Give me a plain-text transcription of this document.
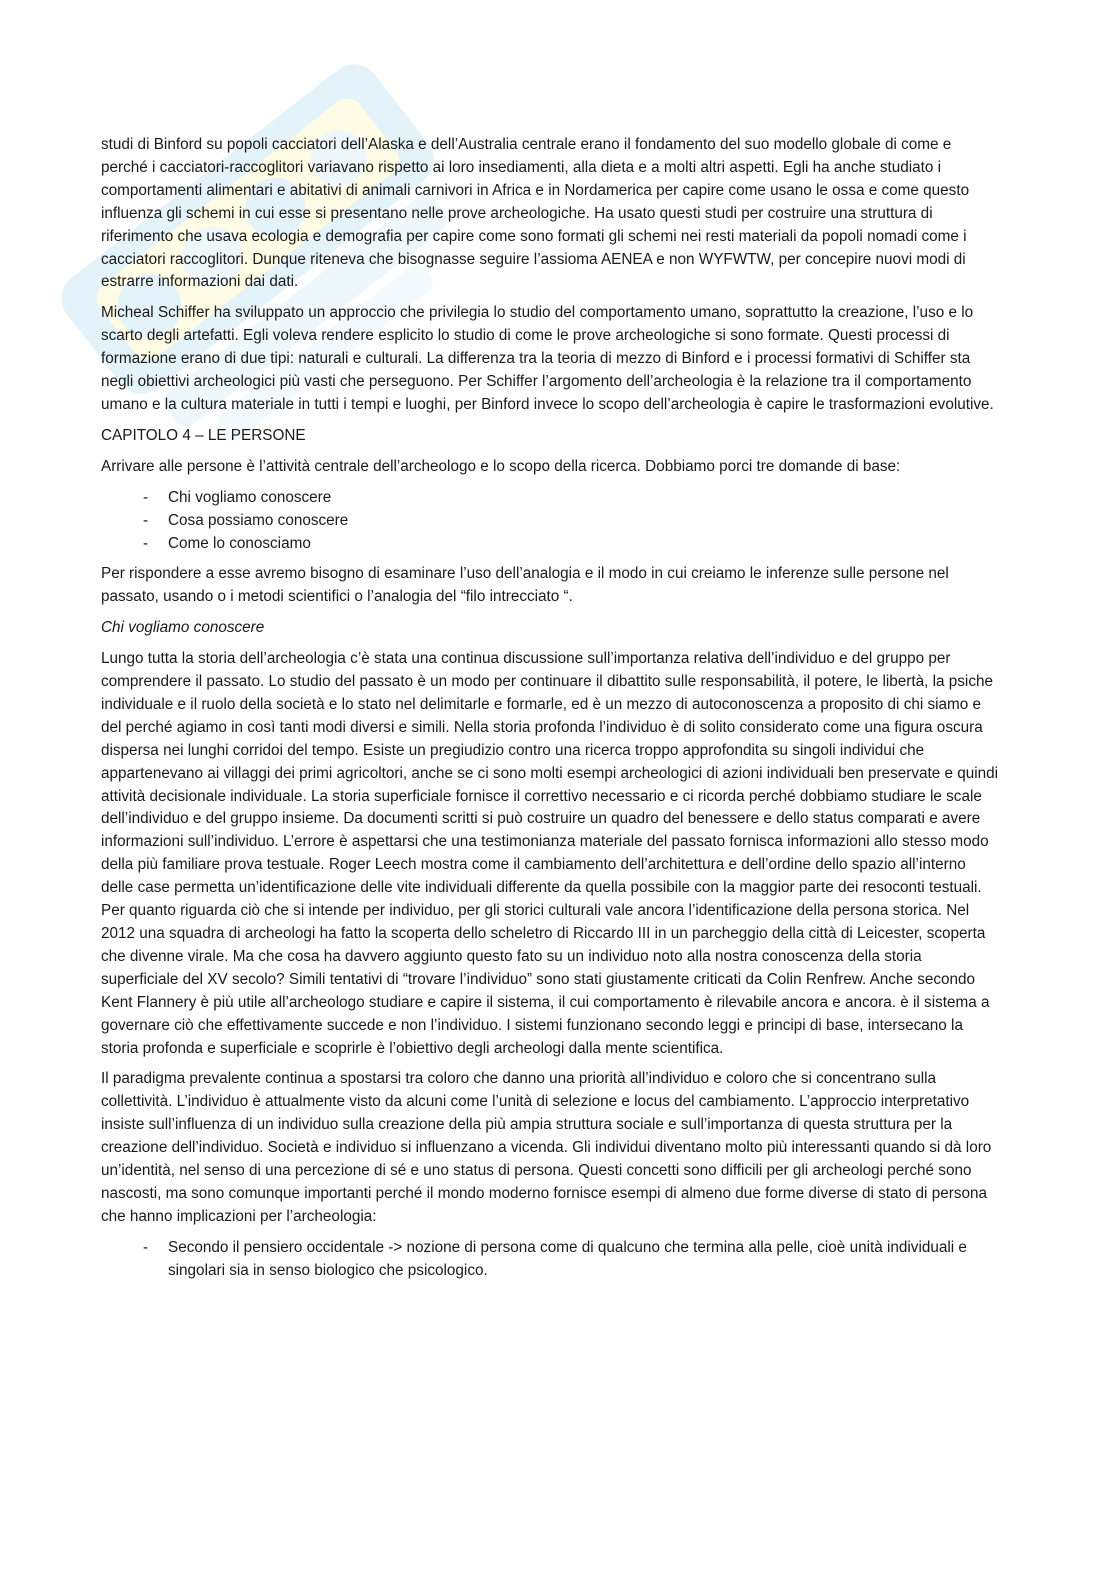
studi di Binford su popoli cacciatori dell’Alaska e dell’Australia centrale erano il fondamento del suo modello globale di come e perché i cacciatori-raccoglitori variavano rispetto ai loro insediamenti, alla dieta e a molti altri aspetti. Egli ha anche studiato i comportamenti alimentari e abitativi di animali carnivori in Africa e in Nordamerica per capire come usano le ossa e come questo influenza gli schemi in cui esse si presentano nelle prove archeologiche. Ha usato questi studi per costruire una struttura di riferimento che usava ecologia e demografia per capire come sono formati gli schemi nei resti materiali da popoli nomadi come i cacciatori raccoglitori. Dunque riteneva che bisognasse seguire l’assioma AENEA e non WYFWTW, per concepire nuovi modi di estrarre informazioni dai dati.

Micheal Schiffer ha sviluppato un approccio che privilegia lo studio del comportamento umano, soprattutto la creazione, l’uso e lo scarto degli artefatti. Egli voleva rendere esplicito lo studio di come le prove archeologiche si sono formate. Questi processi di formazione erano di due tipi: naturali e culturali. La differenza tra la teoria di mezzo di Binford e i processi formativi di Schiffer sta negli obiettivi archeologici più vasti che perseguono. Per Schiffer l’argomento dell’archeologia è la relazione tra il comportamento umano e la cultura materiale in tutti i tempi e luoghi, per Binford invece lo scopo dell’archeologia è capire le trasformazioni evolutive.

CAPITOLO 4 – LE PERSONE

Arrivare alle persone è l’attività centrale dell’archeologo e lo scopo della ricerca. Dobbiamo porci tre domande di base:

- Chi vogliamo conoscere
- Cosa possiamo conoscere
- Come lo conosciamo

Per rispondere a esse avremo bisogno di esaminare l’uso dell’analogia e il modo in cui creiamo le inferenze sulle persone nel passato, usando o i metodi scientifici o l’analogia del “filo intrecciato “.

Chi vogliamo conoscere

Lungo tutta la storia dell’archeologia c’è stata una continua discussione sull’importanza relativa dell’individuo e del gruppo per comprendere il passato. Lo studio del passato è un modo per continuare il dibattito sulle responsabilità, il potere, le libertà, la psiche individuale e il ruolo della società e lo stato nel delimitarle e formarle, ed è un mezzo di autoconoscenza a proposito di chi siamo e del perché agiamo in così tanti modi diversi e simili. Nella storia profonda l’individuo è di solito considerato come una figura oscura dispersa nei lunghi corridoi del tempo. Esiste un pregiudizio contro una ricerca troppo approfondita su singoli individui che appartenevano ai villaggi dei primi agricoltori, anche se ci sono molti esempi archeologici di azioni individuali ben preservate e quindi attività decisionale individuale. La storia superficiale fornisce il correttivo necessario e ci ricorda perché dobbiamo studiare le scale dell’individuo e del gruppo insieme. Da documenti scritti si può costruire un quadro del benessere e dello status comparati e avere informazioni sull’individuo. L’errore è aspettarsi che una testimonianza materiale del passato fornisca informazioni allo stesso modo della più familiare prova testuale. Roger Leech mostra come il cambiamento dell’architettura e dell’ordine dello spazio all’interno delle case permetta un’identificazione delle vite individuali differente da quella possibile con la maggior parte dei resoconti testuali. Per quanto riguarda ciò che si intende per individuo, per gli storici culturali vale ancora l’identificazione della persona storica. Nel 2012 una squadra di archeologi ha fatto la scoperta dello scheletro di Riccardo III in un parcheggio della città di Leicester, scoperta che divenne virale. Ma che cosa ha davvero aggiunto questo fato su un individuo noto alla nostra conoscenza della storia superficiale del XV secolo? Simili tentativi di “trovare l’individuo” sono stati giustamente criticati da Colin Renfrew. Anche secondo Kent Flannery è più utile all’archeologo studiare e capire il sistema, il cui comportamento è rilevabile ancora e ancora. è il sistema a governare ciò che effettivamente succede e non l’individuo. I sistemi funzionano secondo leggi e principi di base, intersecano la storia profonda e superficiale e scoprirle è l’obiettivo degli archeologi dalla mente scientifica.

Il paradigma prevalente continua a spostarsi tra coloro che danno una priorità all’individuo e coloro che si concentrano sulla collettività. L’individuo è attualmente visto da alcuni come l’unità di selezione e locus del cambiamento. L’approccio interpretativo insiste sull’influenza di un individuo sulla creazione della più ampia struttura sociale e sull’importanza di questa struttura per la creazione dell’individuo. Società e individuo si influenzano a vicenda. Gli individui diventano molto più interessanti quando si dà loro un’identità, nel senso di una percezione di sé e uno status di persona. Questi concetti sono difficili per gli archeologi perché sono nascosti, ma sono comunque importanti perché il mondo moderno fornisce esempi di almeno due forme diverse di stato di persona che hanno implicazioni per l’archeologia:

- Secondo il pensiero occidentale -> nozione di persona come di qualcuno che termina alla pelle, cioè unità individuali e singolari sia in senso biologico che psicologico.
